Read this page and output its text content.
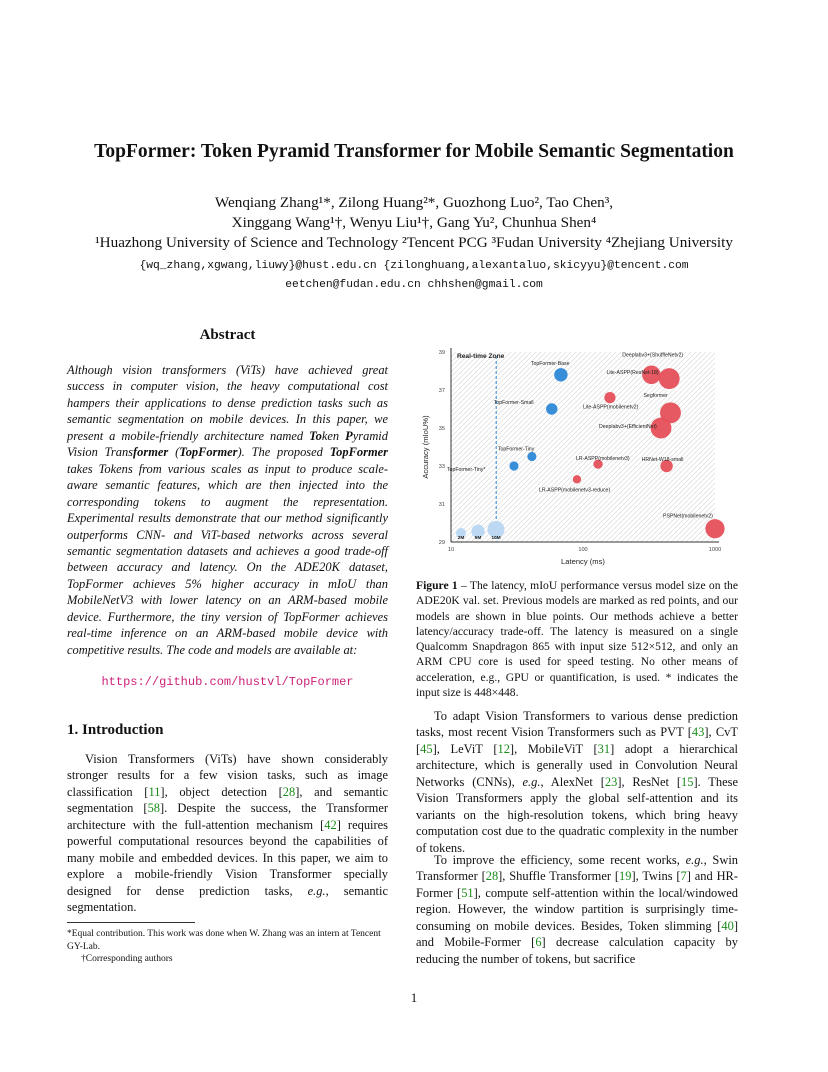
TopFormer: Token Pyramid Transformer for Mobile Semantic Segmentation
Wenqiang Zhang¹*, Zilong Huang²*, Guozhong Luo², Tao Chen³,
Xinggang Wang¹†, Wenyu Liu¹†, Gang Yu², Chunhua Shen⁴
¹Huazhong University of Science and Technology ²Tencent PCG ³Fudan University ⁴Zhejiang University
{wq_zhang,xgwang,liuwy}@hust.edu.cn {zilonghuang,alexantaluo,skicyyu}@tencent.com
eetchen@fudan.edu.cn chhshen@gmail.com
Abstract
Although vision transformers (ViTs) have achieved great success in computer vision, the heavy computational cost hampers their applications to dense prediction tasks such as semantic segmentation on mobile devices. In this paper, we present a mobile-friendly architecture named Token Pyramid Vision Transformer (TopFormer). The proposed TopFormer takes Tokens from various scales as input to produce scale-aware semantic features, which are then injected into the corresponding tokens to augment the representation. Experimental results demonstrate that our method significantly outperforms CNN- and ViT-based networks across several semantic segmentation datasets and achieves a good trade-off between accuracy and latency. On the ADE20K dataset, TopFormer achieves 5% higher accuracy in mIoU than MobileNetV3 with lower latency on an ARM-based mobile device. Furthermore, the tiny version of TopFormer achieves real-time inference on an ARM-based mobile device with competitive results. The code and models are available at:
https://github.com/hustvl/TopFormer
1. Introduction
Vision Transformers (ViTs) have shown considerably stronger results for a few vision tasks, such as image classification [11], object detection [28], and semantic segmentation [58]. Despite the success, the Transformer architecture with the full-attention mechanism [42] requires powerful computational resources beyond the capabilities of many mobile and embedded devices. In this paper, we aim to explore a mobile-friendly Vision Transformer specially designed for dense prediction tasks, e.g., semantic segmentation.
*Equal contribution. This work was done when W. Zhang was an intern at Tencent GY-Lab.
†Corresponding authors
Real-time Zone
29
31
33
35
37
39
10	100	1000
Latency (ms)
Accuracy (mIoU%)
2M 5M 10M
TopFormer-Base
TopFormer-Small
TopFormer-Tiny
TopFormer-Tiny*
Deeplabv3+(ShuffleNetv2)
Lite-ASPP(ResNet-18)
Lite-ASPP(mobilenetv2)
Segformer
Deeplabv3+(EfficientNet)
LR-ASPP(mobilenetv3) HRNet-W18-small
LR-ASPP(mobilenetv3-reduce)
PSPNet(mobilenetv2)
Figure 1 – The latency, mIoU performance versus model size on the ADE20K val. set. Previous models are marked as red points, and our models are shown in blue points. Our methods achieve a better latency/accuracy trade-off. The latency is measured on a single Qualcomm Snapdragon 865 with input size 512×512, and only an ARM CPU core is used for speed testing. No other means of acceleration, e.g., GPU or quantification, is used. * indicates the input size is 448×448.
To adapt Vision Transformers to various dense prediction tasks, most recent Vision Transformers such as PVT [43], CvT [45], LeViT [12], MobileViT [31] adopt a hierarchical architecture, which is generally used in Convolution Neural Networks (CNNs), e.g., AlexNet [23], ResNet [15]. These Vision Transformers apply the global self-attention and its variants on the high-resolution tokens, which bring heavy computation cost due to the quadratic complexity in the number of tokens.
To improve the efficiency, some recent works, e.g., Swin Transformer [28], Shuffle Transformer [19], Twins [7] and HR-Former [51], compute self-attention within the local/windowed region. However, the window partition is surprisingly time-consuming on mobile devices. Besides, Token slimming [40] and Mobile-Former [6] decrease calculation capacity by reducing the number of tokens, but sacrifice
1
